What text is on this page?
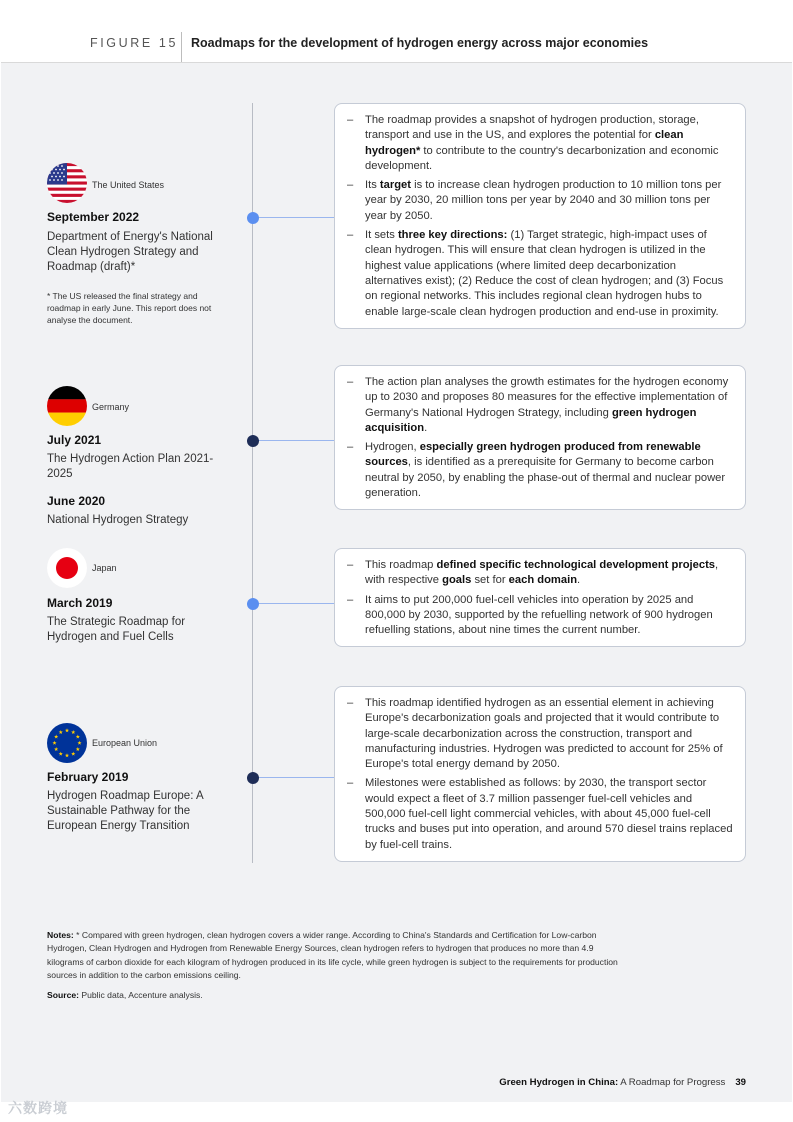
FIGURE 15 Roadmaps for the development of hydrogen energy across major economies
The United States
September 2022
Department of Energy's National Clean Hydrogen Strategy and Roadmap (draft)*
* The US released the final strategy and roadmap in early June. This report does not analyse the document.
– The roadmap provides a snapshot of hydrogen production, storage, transport and use in the US, and explores the potential for clean hydrogen* to contribute to the country's decarbonization and economic development.
– Its target is to increase clean hydrogen production to 10 million tons per year by 2030, 20 million tons per year by 2040 and 30 million tons per year by 2050.
– It sets three key directions: (1) Target strategic, high-impact uses of clean hydrogen. This will ensure that clean hydrogen is utilized in the highest value applications (where limited deep decarbonization alternatives exist); (2) Reduce the cost of clean hydrogen; and (3) Focus on regional networks. This includes regional clean hydrogen hubs to enable large-scale clean hydrogen production and end-use in proximity.
Germany
July 2021
The Hydrogen Action Plan 2021-2025
June 2020
National Hydrogen Strategy
– The action plan analyses the growth estimates for the hydrogen economy up to 2030 and proposes 80 measures for the effective implementation of Germany's National Hydrogen Strategy, including green hydrogen acquisition.
– Hydrogen, especially green hydrogen produced from renewable sources, is identified as a prerequisite for Germany to become carbon neutral by 2050, by enabling the phase-out of thermal and nuclear power generation.
Japan
March 2019
The Strategic Roadmap for Hydrogen and Fuel Cells
– This roadmap defined specific technological development projects, with respective goals set for each domain.
– It aims to put 200,000 fuel-cell vehicles into operation by 2025 and 800,000 by 2030, supported by the refuelling network of 900 hydrogen refuelling stations, about nine times the current number.
European Union
February 2019
Hydrogen Roadmap Europe: A Sustainable Pathway for the European Energy Transition
– This roadmap identified hydrogen as an essential element in achieving Europe's decarbonization goals and projected that it would contribute to large-scale decarbonization across the construction, transport and manufacturing industries. Hydrogen was predicted to account for 25% of Europe's total energy demand by 2050.
– Milestones were established as follows: by 2030, the transport sector would expect a fleet of 3.7 million passenger fuel-cell vehicles and 500,000 fuel-cell light commercial vehicles, with about 45,000 fuel-cell trucks and buses put into operation, and around 570 diesel trains replaced by fuel-cell trains.
Notes: * Compared with green hydrogen, clean hydrogen covers a wider range. According to China's Standards and Certification for Low-carbon Hydrogen, Clean Hydrogen and Hydrogen from Renewable Energy Sources, clean hydrogen refers to hydrogen that produces no more than 4.9 kilograms of carbon dioxide for each kilogram of hydrogen produced in its life cycle, while green hydrogen is subject to the requirements for production sources in addition to the carbon emissions ceiling.
Source: Public data, Accenture analysis.
Green Hydrogen in China: A Roadmap for Progress 39
六数跨境
